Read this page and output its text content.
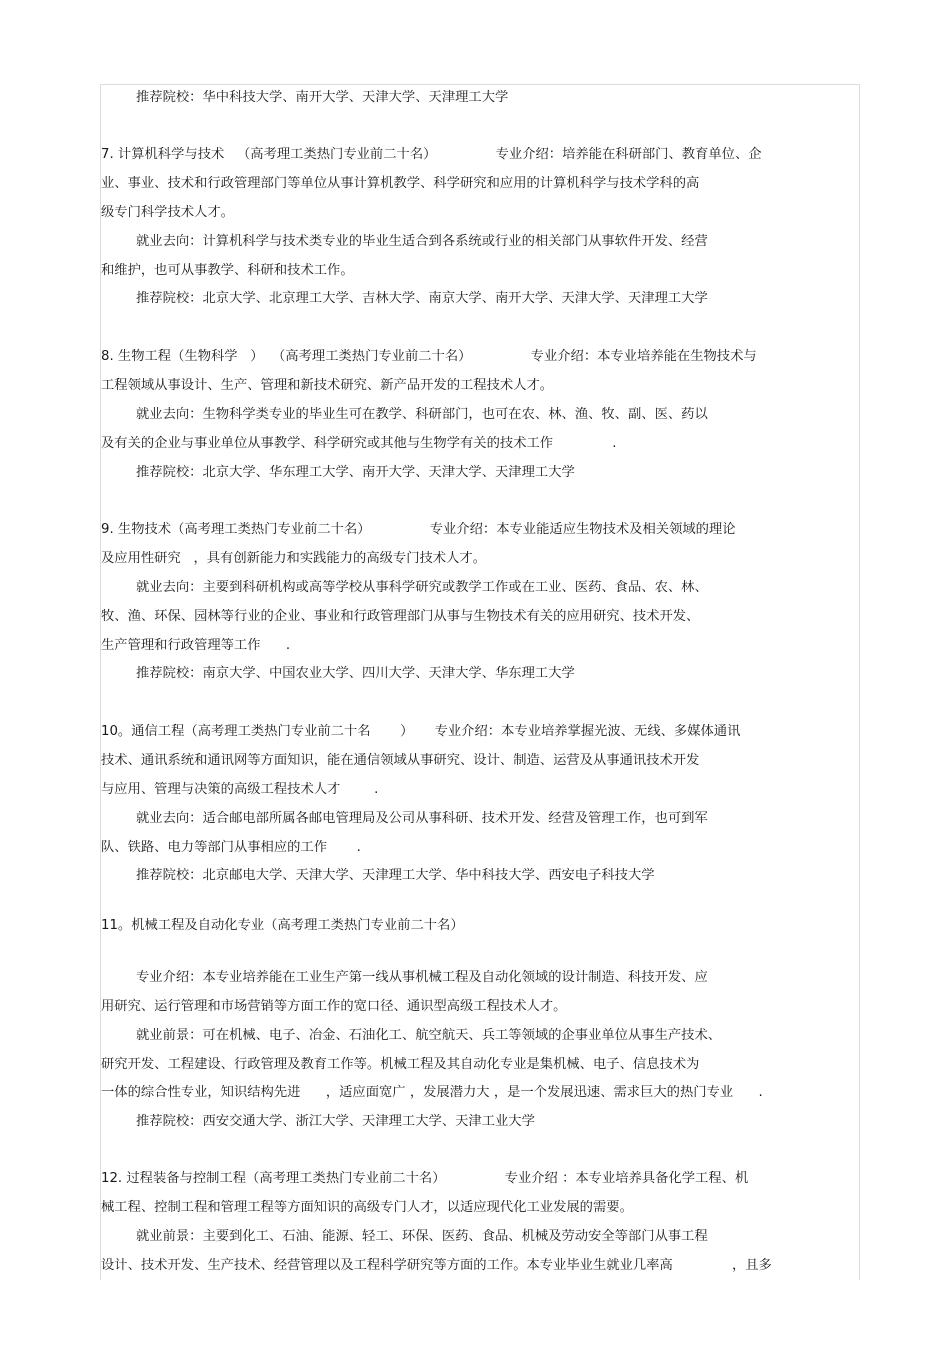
推荐院校：华中科技大学、南开大学、天津大学、天津理工大学
7. 计算机科学与技术   （高考理工类热门专业前二十名）              专业介绍：培养能在科研部门、教育单位、企
业、事业、技术和行政管理部门等单位从事计算机教学、科学研究和应用的计算机科学与技术学科的高
级专门科学技术人才。
就业去向：计算机科学与技术类专业的毕业生适合到各系统或行业的相关部门从事软件开发、经营
和维护，也可从事教学、科研和技术工作。
推荐院校：北京大学、北京理工大学、吉林大学、南京大学、南开大学、天津大学、天津理工大学
8. 生物工程（生物科学   ）  （高考理工类热门专业前二十名）              专业介绍：本专业培养能在生物技术与
工程领域从事设计、生产、管理和新技术研究、新产品开发的工程技术人才。
就业去向：生物科学类专业的毕业生可在教学、科研部门，也可在农、林、渔、牧、副、医、药以
及有关的企业与事业单位从事教学、科学研究或其他与生物学有关的技术工作              .
推荐院校：北京大学、华东理工大学、南开大学、天津大学、天津理工大学
9. 生物技术（高考理工类热门专业前二十名）              专业介绍：本专业能适应生物技术及相关领域的理论
及应用性研究   ，具有创新能力和实践能力的高级专门技术人才。
就业去向：主要到科研机构或高等学校从事科学研究或教学工作或在工业、医药、食品、农、林、
牧、渔、环保、园林等行业的企业、事业和行政管理部门从事与生物技术有关的应用研究、技术开发、
生产管理和行政管理等工作      .
推荐院校：南京大学、中国农业大学、四川大学、天津大学、华东理工大学
10。通信工程（高考理工类热门专业前二十名       ）     专业介绍：本专业培养掌握光波、无线、多媒体通讯
技术、通讯系统和通讯网等方面知识，能在通信领域从事研究、设计、制造、运营及从事通讯技术开发
与应用、管理与决策的高级工程技术人才        .
就业去向：适合邮电部所属各邮电管理局及公司从事科研、技术开发、经营及管理工作，也可到军
队、铁路、电力等部门从事相应的工作       .
推荐院校：北京邮电大学、天津大学、天津理工大学、华中科技大学、西安电子科技大学
11。机械工程及自动化专业（高考理工类热门专业前二十名）
专业介绍：本专业培养能在工业生产第一线从事机械工程及自动化领域的设计制造、科技开发、应
用研究、运行管理和市场营销等方面工作的宽口径、通识型高级工程技术人才。
就业前景：可在机械、电子、冶金、石油化工、航空航天、兵工等领域的企事业单位从事生产技术、
研究开发、工程建设、行政管理及教育工作等。机械工程及其自动化专业是集机械、电子、信息技术为
一体的综合性专业，知识结构先进      ，适应面宽广 ，发展潜力大 ，是一个发展迅速、需求巨大的热门专业      .
推荐院校：西安交通大学、浙江大学、天津理工大学、天津工业大学
12. 过程装备与控制工程（高考理工类热门专业前二十名）              专业介绍 ：本专业培养具备化学工程、机
械工程、控制工程和管理工程等方面知识的高级专门人才，以适应现代化工业发展的需要。
就业前景：主要到化工、石油、能源、轻工、环保、医药、食品、机械及劳动安全等部门从事工程
设计、技术开发、生产技术、经营管理以及工程科学研究等方面的工作。本专业毕业生就业几率高              ，且多
